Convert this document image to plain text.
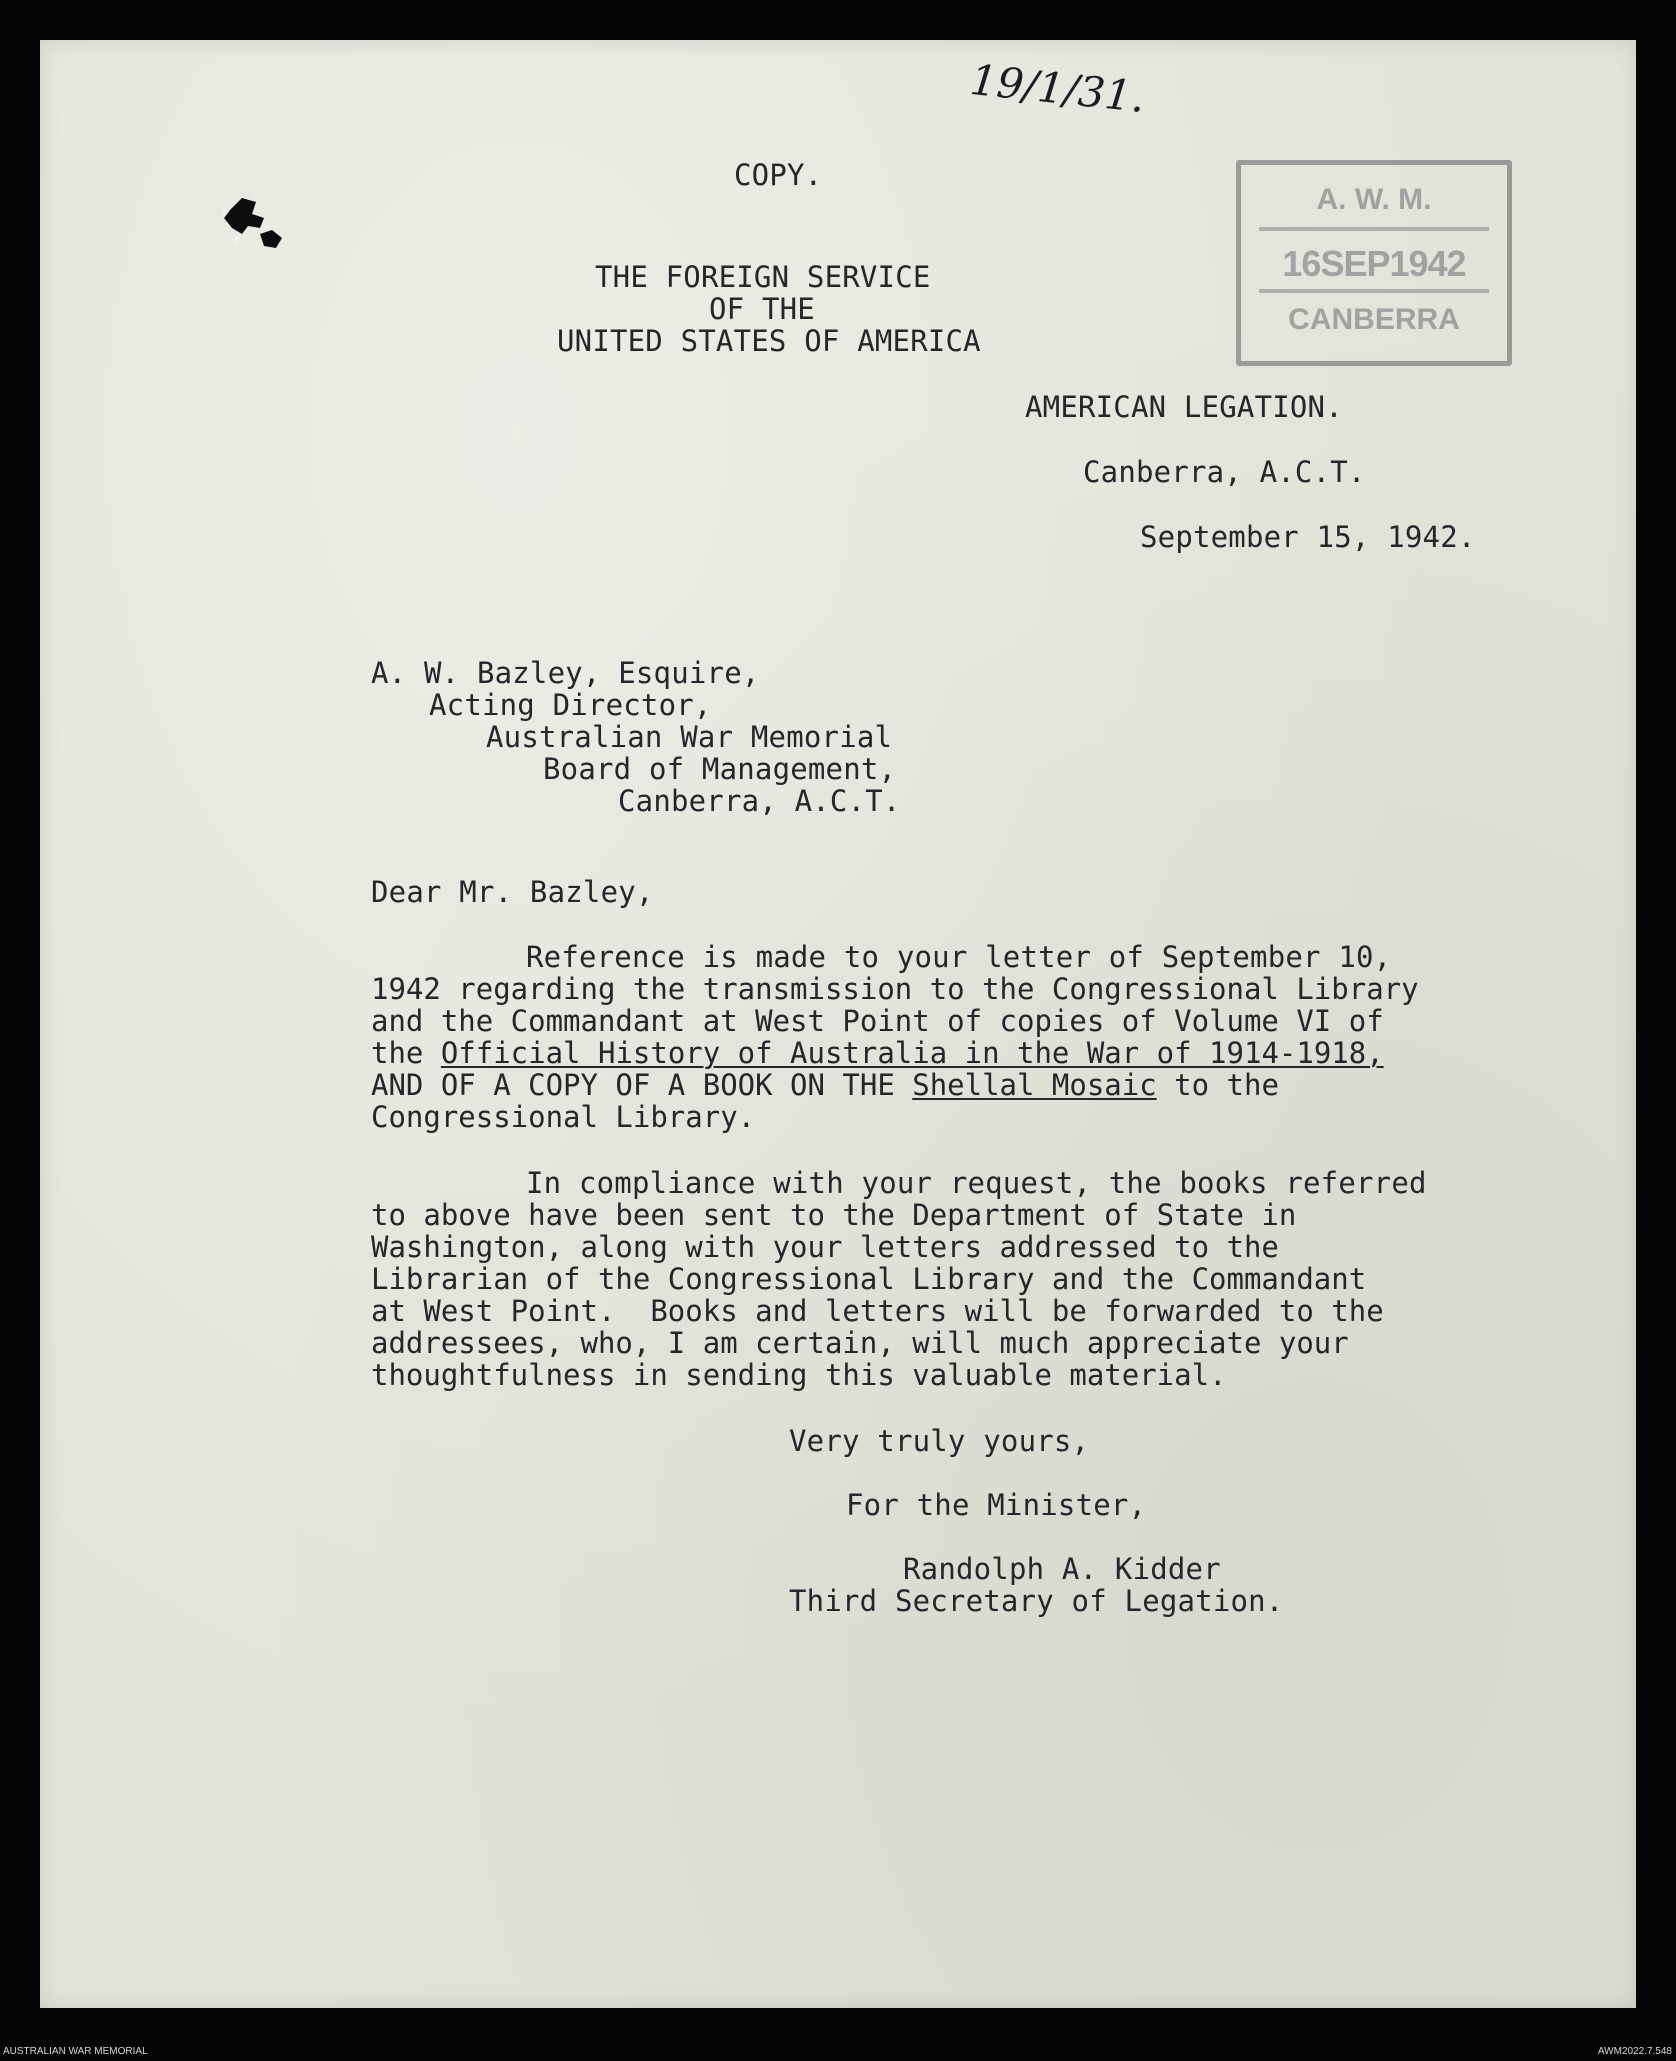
19/1/31.
A. W. M.
16SEP1942
CANBERRA
COPY.
THE FOREIGN SERVICE
OF THE
UNITED STATES OF AMERICA
AMERICAN LEGATION.
Canberra, A.C.T.
September 15, 1942.
A. W. Bazley, Esquire,
Acting Director,
Australian War Memorial
Board of Management,
Canberra, A.C.T.
Dear Mr. Bazley,
Reference is made to your letter of September 10,
1942 regarding the transmission to the Congressional Library
and the Commandant at West Point of copies of Volume VI of
the Official History of Australia in the War of 1914-1918,
AND OF A COPY OF A BOOK ON THE Shellal Mosaic to the
Congressional Library.
In compliance with your request, the books referred
to above have been sent to the Department of State in
Washington, along with your letters addressed to the
Librarian of the Congressional Library and the Commandant
at West Point.  Books and letters will be forwarded to the
addressees, who, I am certain, will much appreciate your
thoughtfulness in sending this valuable material.
Very truly yours,
For the Minister,
Randolph A. Kidder
Third Secretary of Legation.
AUSTRALIAN WAR MEMORIAL	AWM2022.7.548
